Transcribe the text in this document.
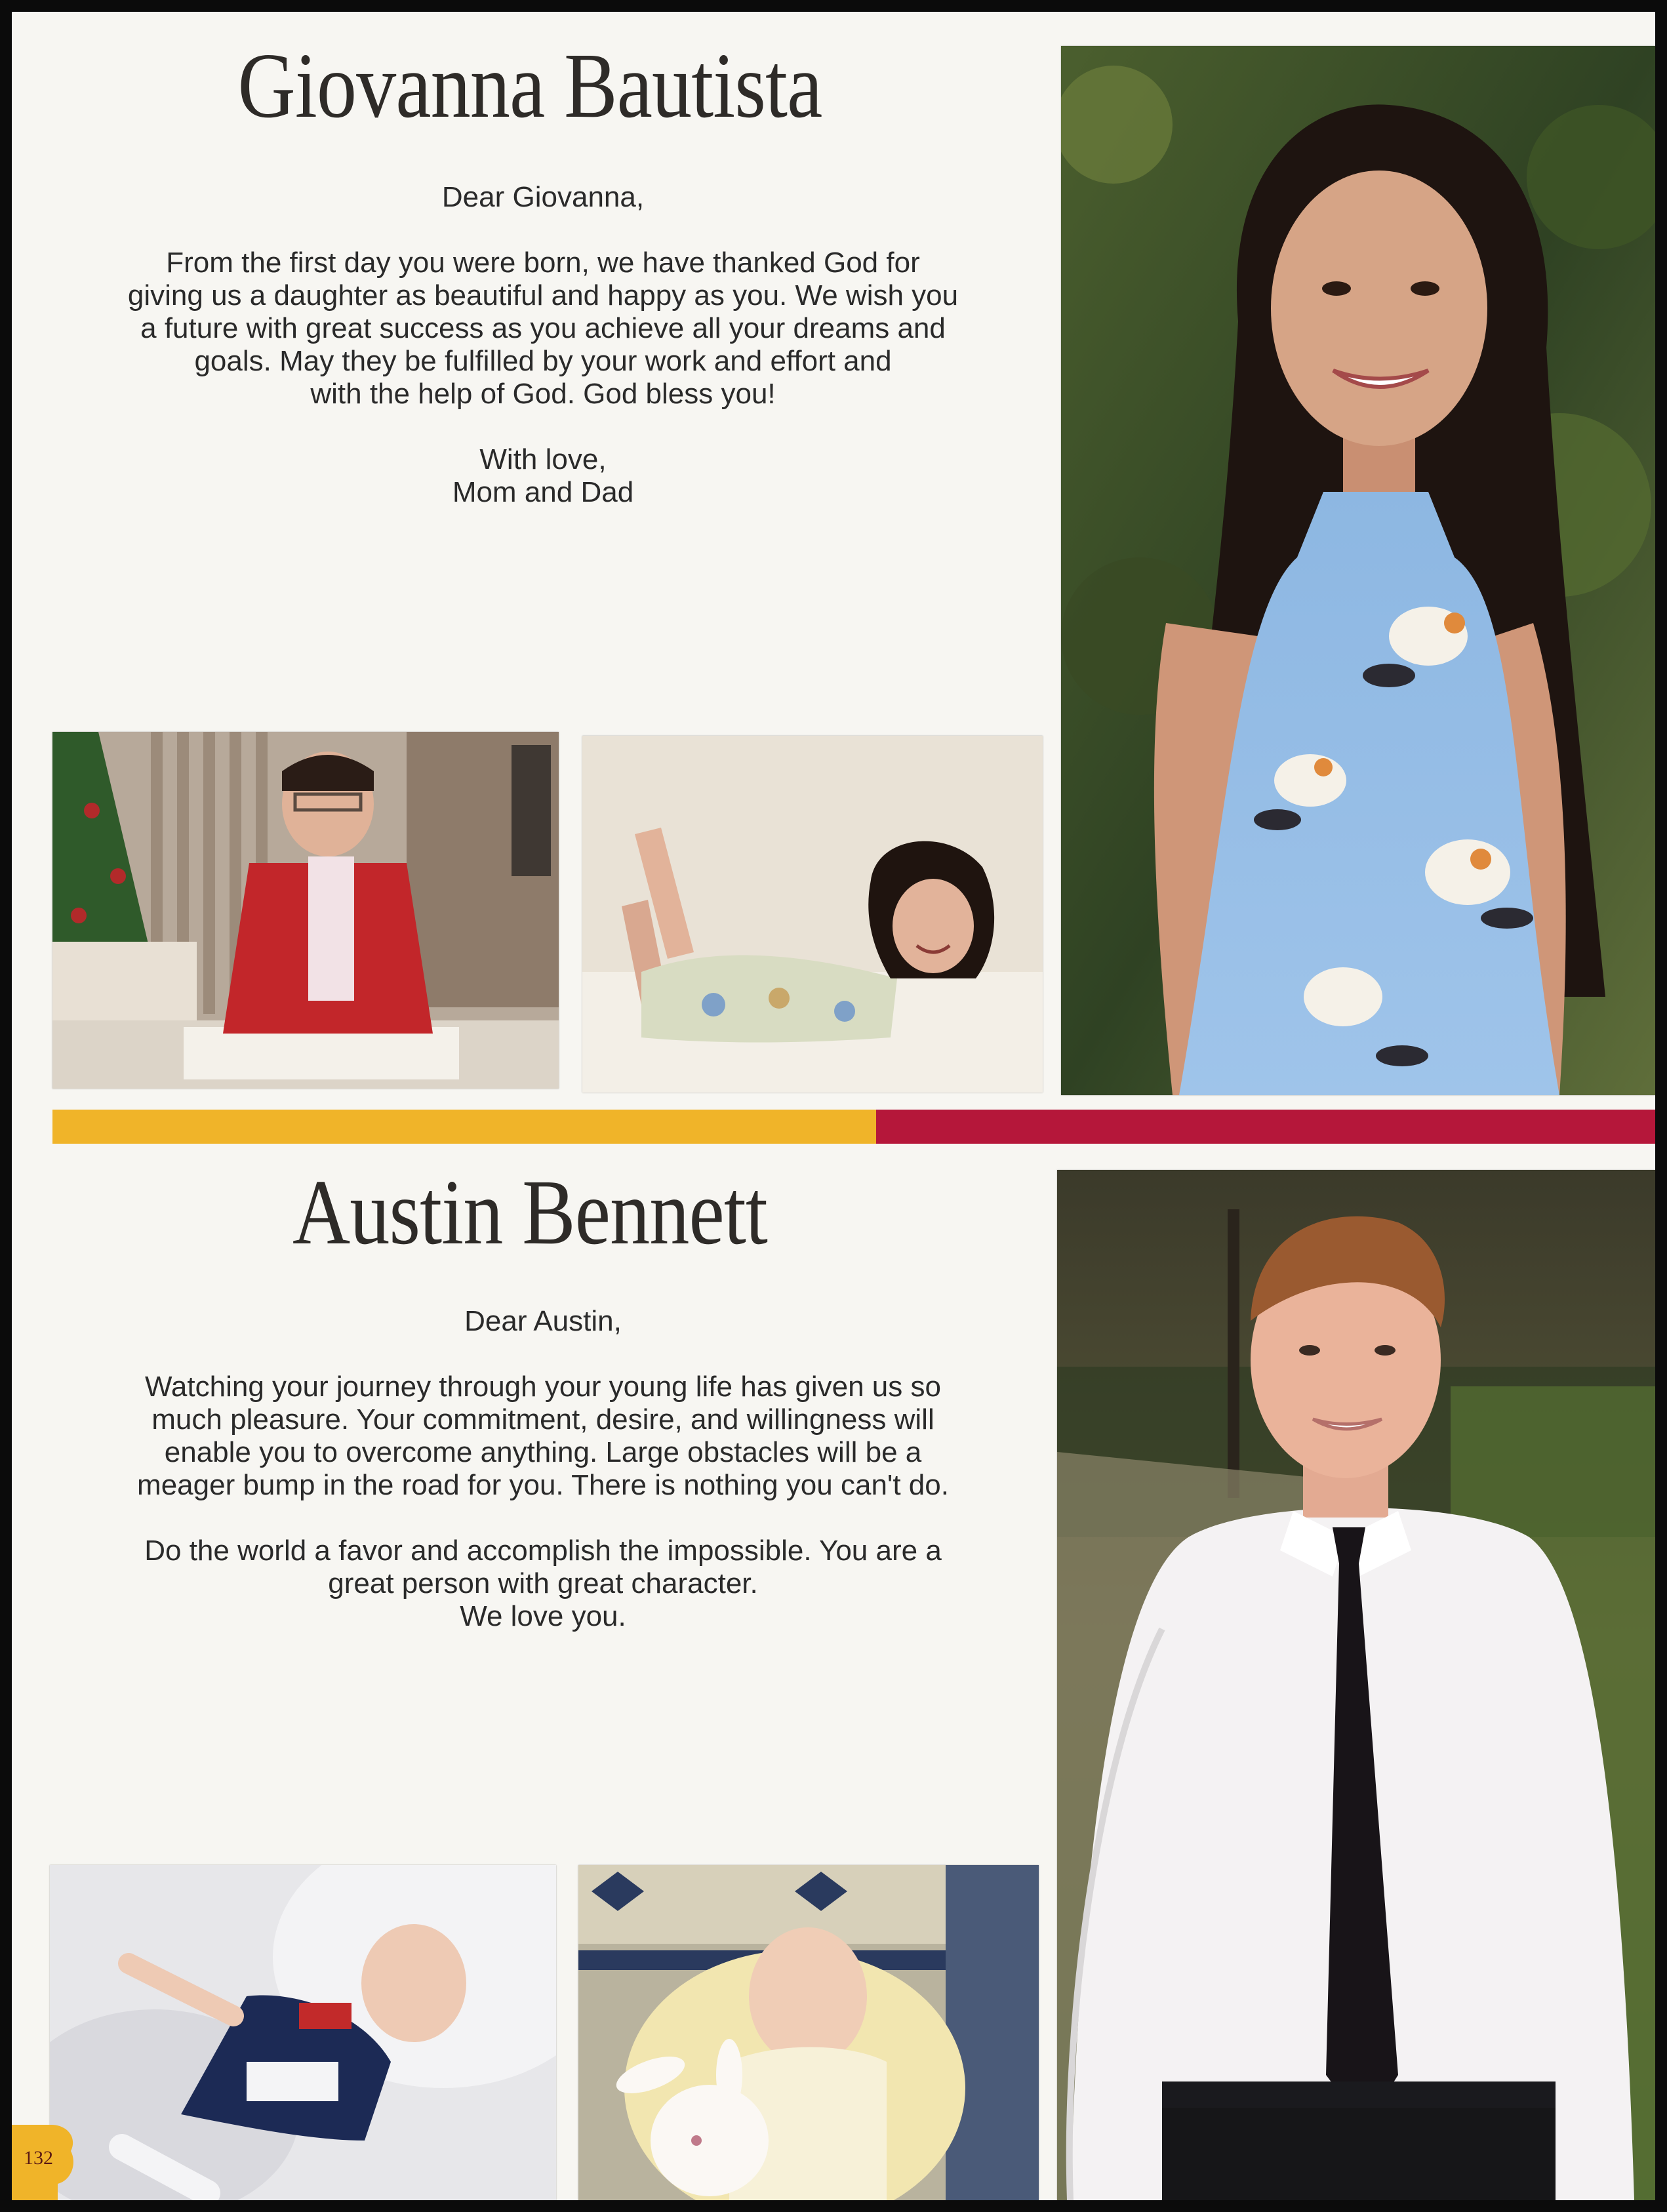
Giovanna Bautista

Dear Giovanna,

From the first day you were born, we have thanked God for

giving us a daughter as beautiful and happy as you. We wish you

a future with great success as you achieve all your dreams and

goals. May they be fulfilled by your work and effort and

with the help of God. God bless you!

With love,

Mom and Dad

Austin Bennett

Dear Austin,

Watching your journey through your young life has given us so

much pleasure. Your commitment, desire, and willingness will

enable you to overcome anything. Large obstacles will be a

meager bump in the road for you. There is nothing you can't do.

Do the world a favor and accomplish the impossible. You are a

great person with great character.

We love you.

132
